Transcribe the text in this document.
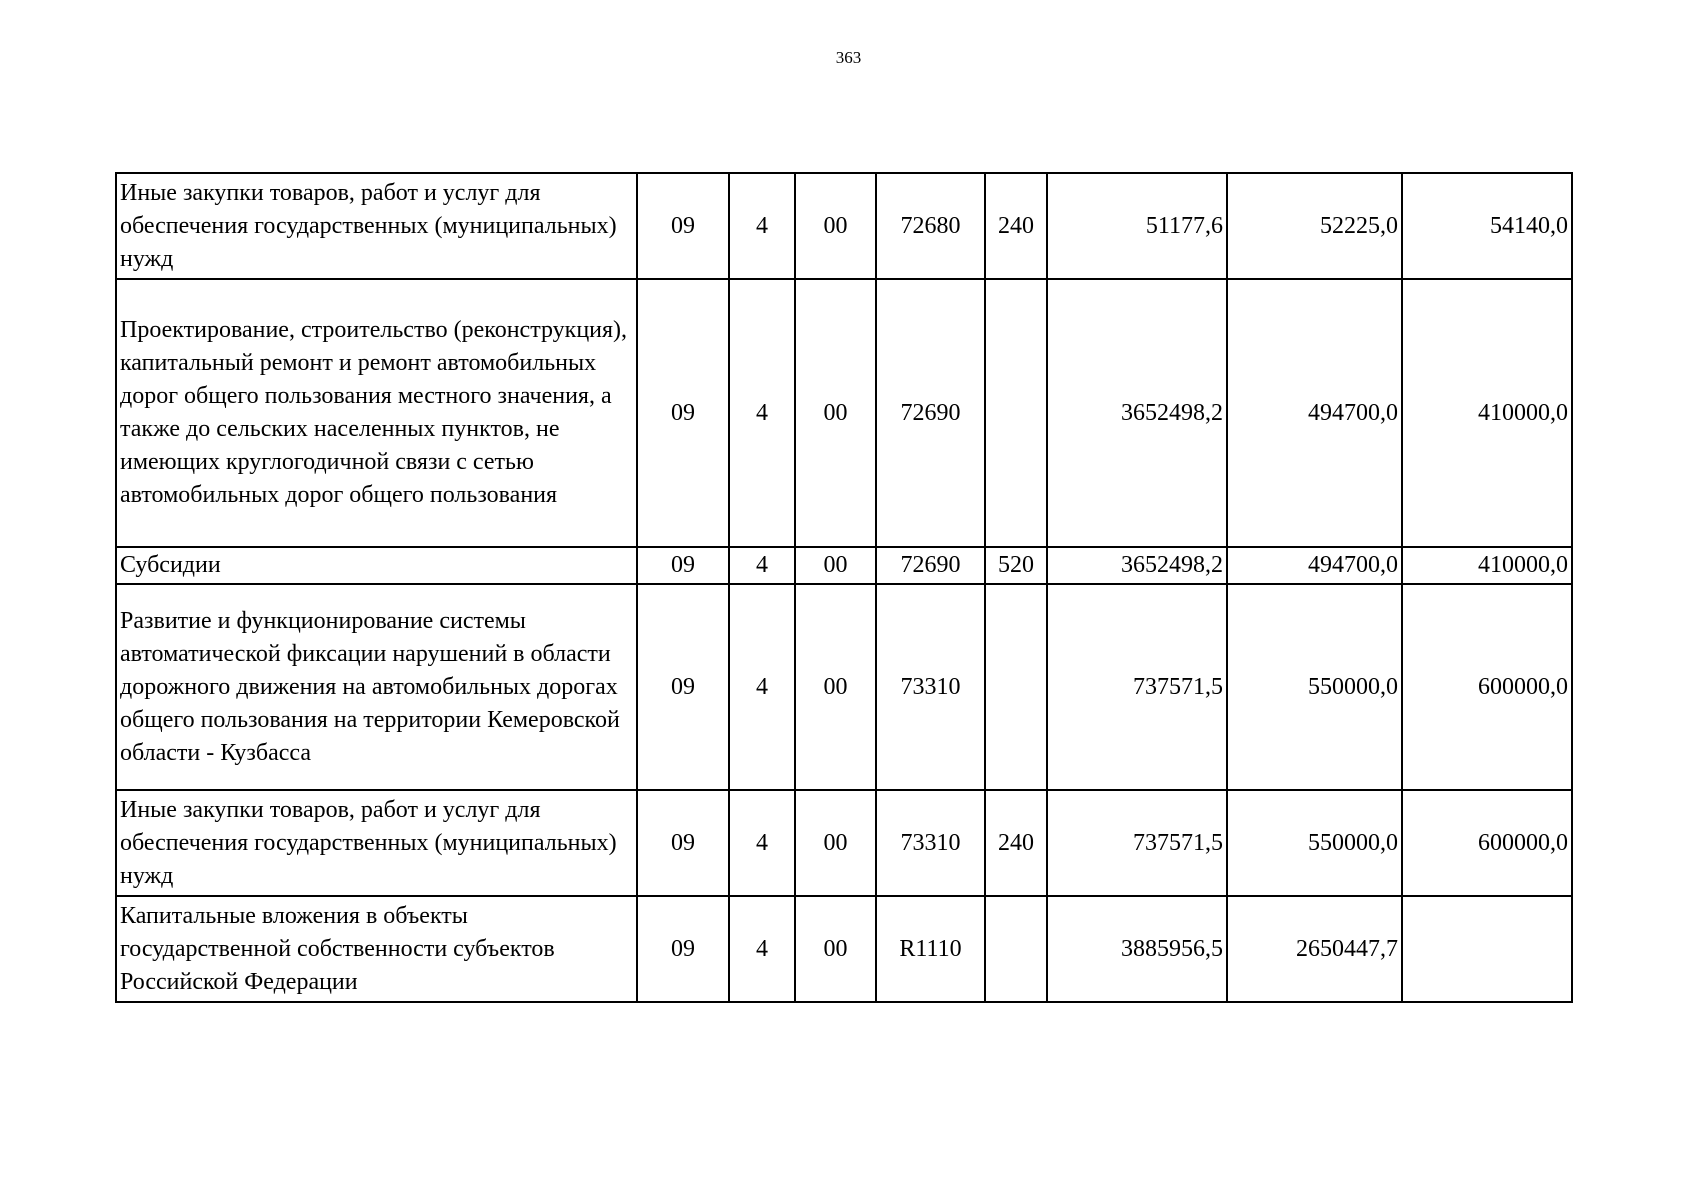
363
Иные закупки товаров, работ и услуг для обеспечения государственных (муниципальных) нужд	09	4	00	72680	240	51177,6	52225,0	54140,0
Проектирование, строительство (реконструкция), капитальный ремонт и ремонт автомобильных дорог общего пользования местного значения, а также до сельских населенных пунктов, не имеющих круглогодичной связи с сетью автомобильных дорог общего пользования	09	4	00	72690		3652498,2	494700,0	410000,0
Субсидии	09	4	00	72690	520	3652498,2	494700,0	410000,0
Развитие и функционирование системы автоматической фиксации нарушений в области дорожного движения на автомобильных дорогах общего пользования на территории Кемеровской области - Кузбасса	09	4	00	73310		737571,5	550000,0	600000,0
Иные закупки товаров, работ и услуг для обеспечения государственных (муниципальных) нужд	09	4	00	73310	240	737571,5	550000,0	600000,0
Капитальные вложения в объекты государственной собственности субъектов Российской Федерации	09	4	00	R1110		3885956,5	2650447,7	
